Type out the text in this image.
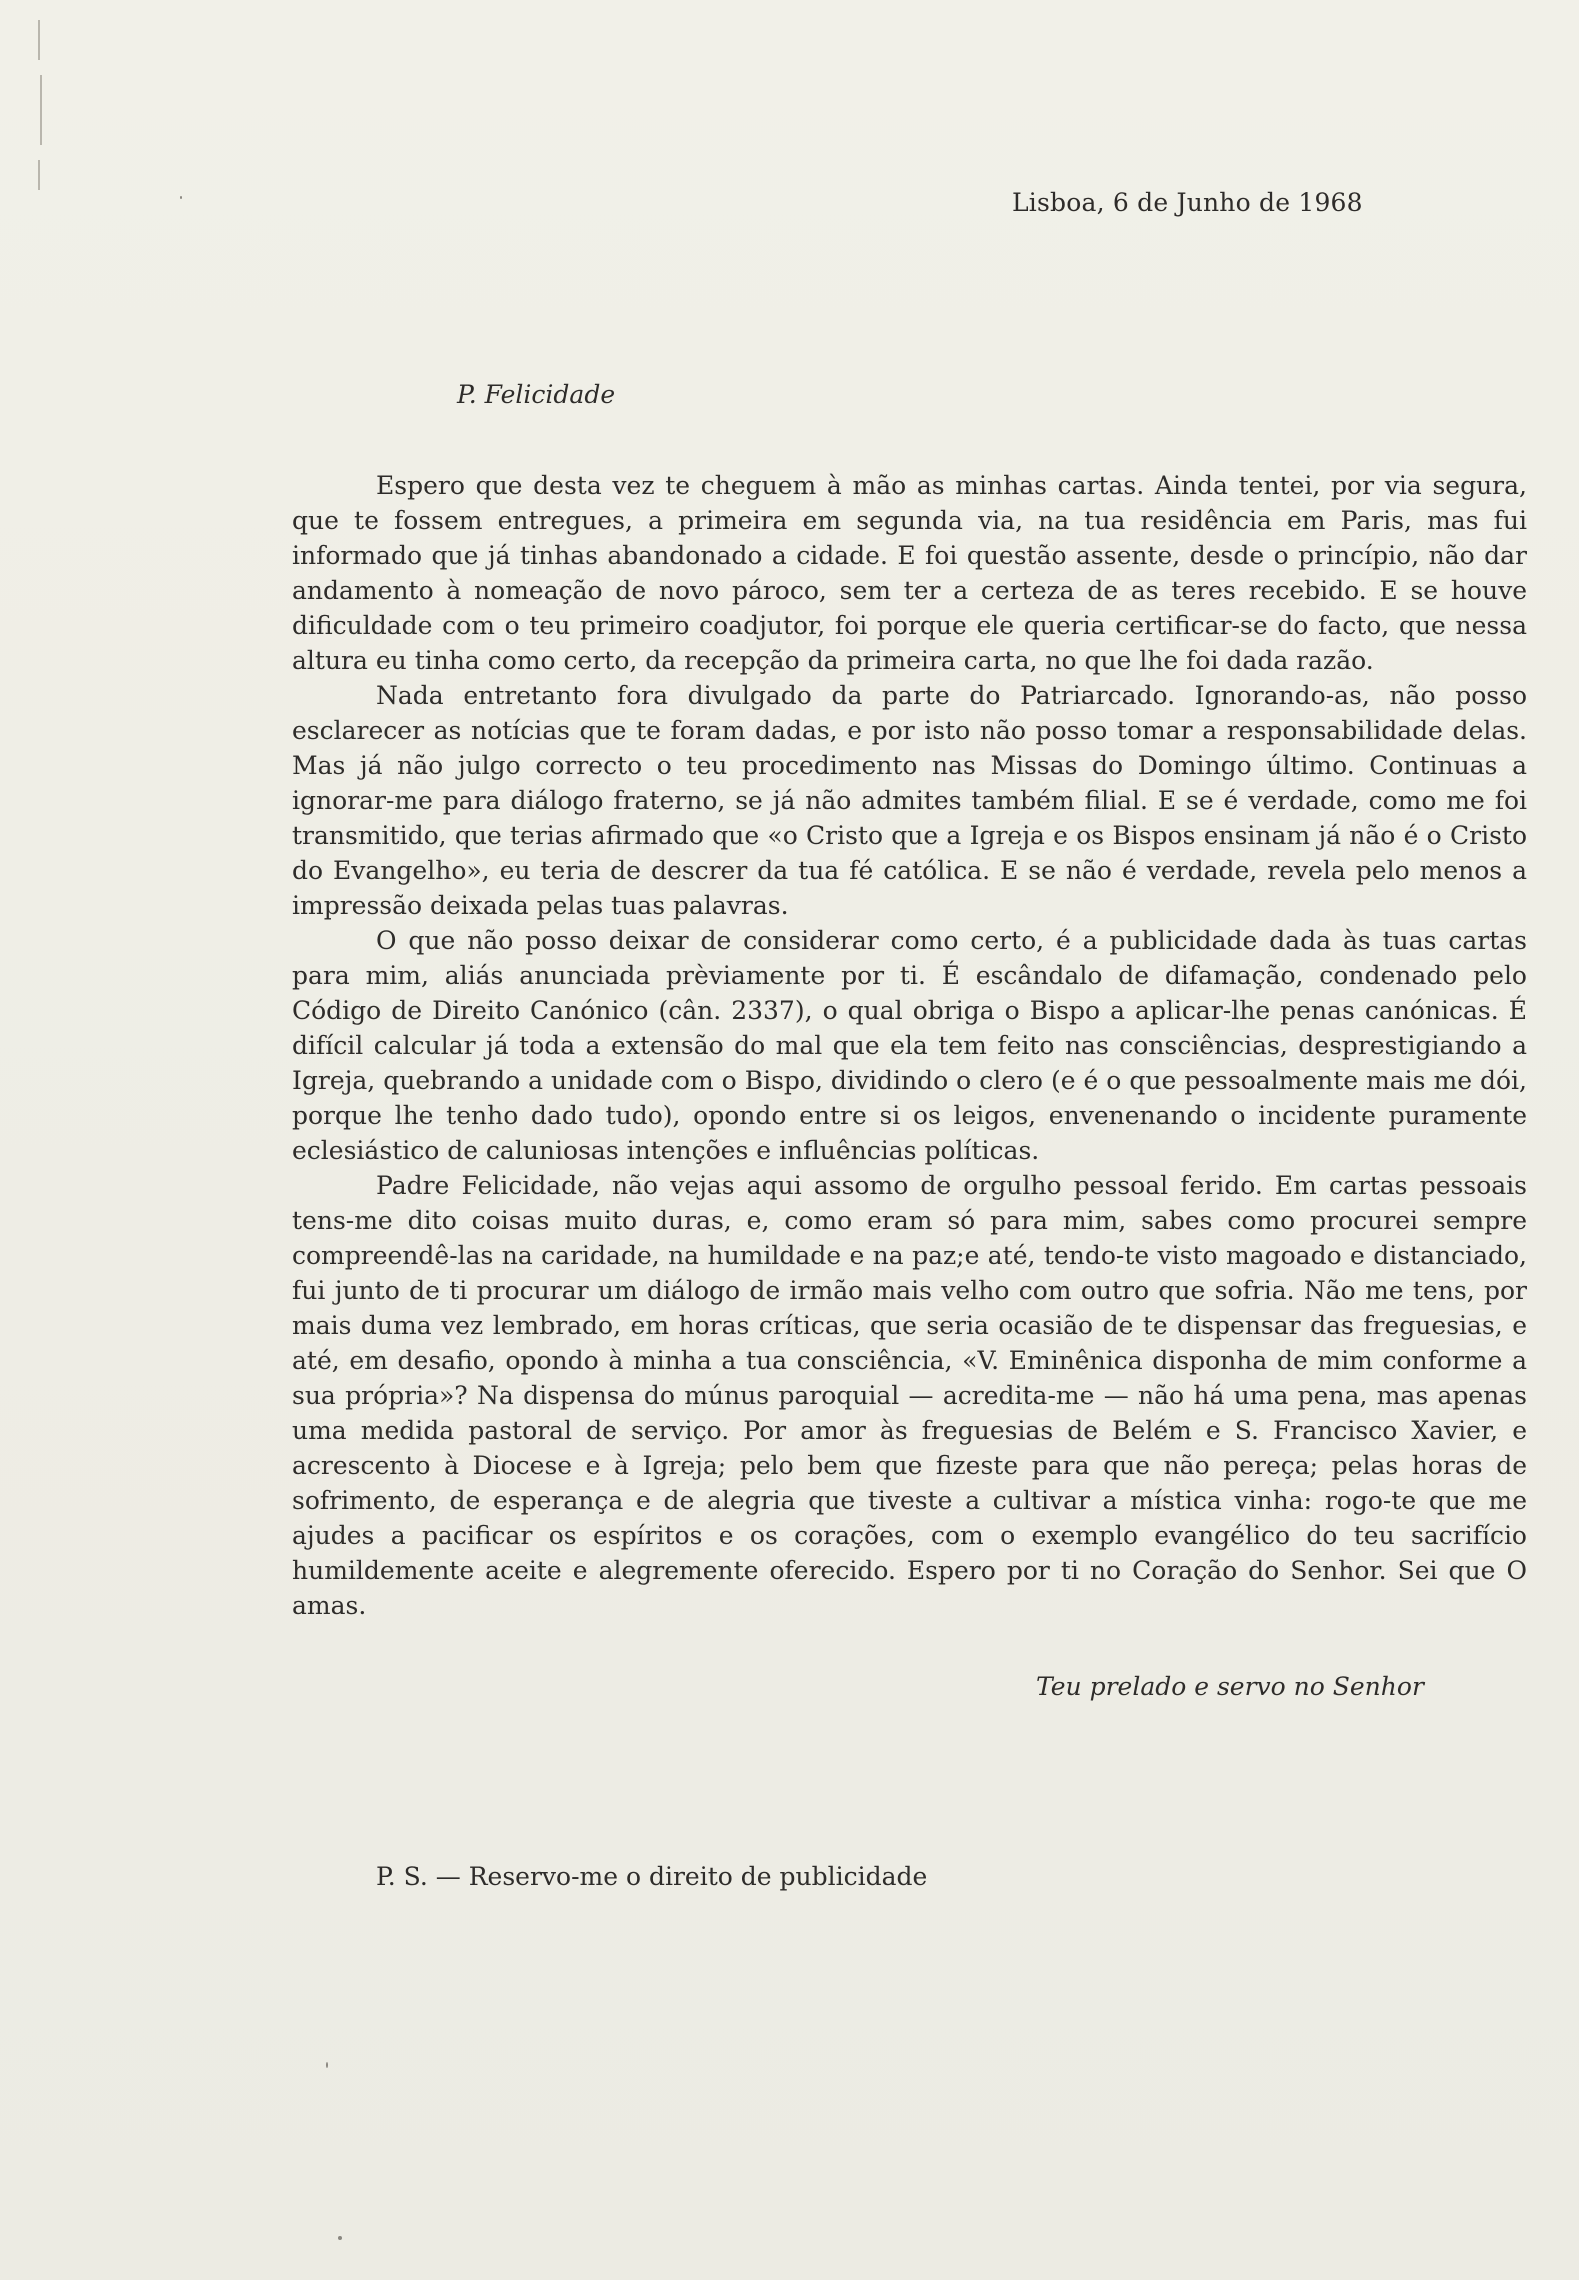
Lisboa, 6 de Junho de 1968
P. Felicidade

Espero que desta vez te cheguem à mão as minhas cartas. Ainda tentei, por via segura, que te fossem entregues, a primeira em segunda via, na tua residência em Paris, mas fui informado que já tinhas abandonado a cidade. E foi questão assente, desde o princípio, não dar andamento à nomeação de novo pároco, sem ter a certeza de as teres recebido. E se houve dificuldade com o teu primeiro coadjutor, foi porque ele queria certificar-se do facto, que nessa altura eu tinha como certo, da recepção da primeira carta, no que lhe foi dada razão.

Nada entretanto fora divulgado da parte do Patriarcado. Ignorando-as, não posso esclarecer as notícias que te foram dadas, e por isto não posso tomar a responsabilidade delas. Mas já não julgo correcto o teu procedimento nas Missas do Domingo último. Continuas a ignorar-me para diálogo fraterno, se já não admites também filial. E se é verdade, como me foi transmitido, que terias afirmado que «o Cristo que a Igreja e os Bispos ensinam já não é o Cristo do Evangelho», eu teria de descrer da tua fé católica. E se não é verdade, revela pelo menos a impressão deixada pelas tuas palavras.

O que não posso deixar de considerar como certo, é a publicidade dada às tuas cartas para mim, aliás anunciada prèviamente por ti. É escândalo de difamação, condenado pelo Código de Direito Canónico (cân. 2337), o qual obriga o Bispo a aplicar-lhe penas canónicas. É difícil calcular já toda a extensão do mal que ela tem feito nas consciências, desprestigiando a Igreja, quebrando a unidade com o Bispo, dividindo o clero (e é o que pessoalmente mais me dói, porque lhe tenho dado tudo), opondo entre si os leigos, envenenando o incidente puramente eclesiástico de caluniosas intenções e influências políticas.

Padre Felicidade, não vejas aqui assomo de orgulho pessoal ferido. Em cartas pessoais tens-me dito coisas muito duras, e, como eram só para mim, sabes como procurei sempre compreendê-las na caridade, na humildade e na paz;e até, tendo-te visto magoado e distanciado, fui junto de ti procurar um diálogo de irmão mais velho com outro que sofria. Não me tens, por mais duma vez lembrado, em horas críticas, que seria ocasião de te dispensar das freguesias, e até, em desafio, opondo à minha a tua consciência, «V. Eminênica disponha de mim conforme a sua própria»? Na dispensa do múnus paroquial — acredita-me — não há uma pena, mas apenas uma medida pastoral de serviço. Por amor às freguesias de Belém e S. Francisco Xavier, e acrescento à Diocese e à Igreja; pelo bem que fizeste para que não pereça; pelas horas de sofrimento, de esperança e de alegria que tiveste a cultivar a mística vinha: rogo-te que me ajudes a pacificar os espíritos e os corações, com o exemplo evangélico do teu sacrifício humildemente aceite e alegremente oferecido. Espero por ti no Coração do Senhor. Sei que O amas.

Teu prelado e servo no Senhor
P. S. — Reservo-me o direito de publicidade
